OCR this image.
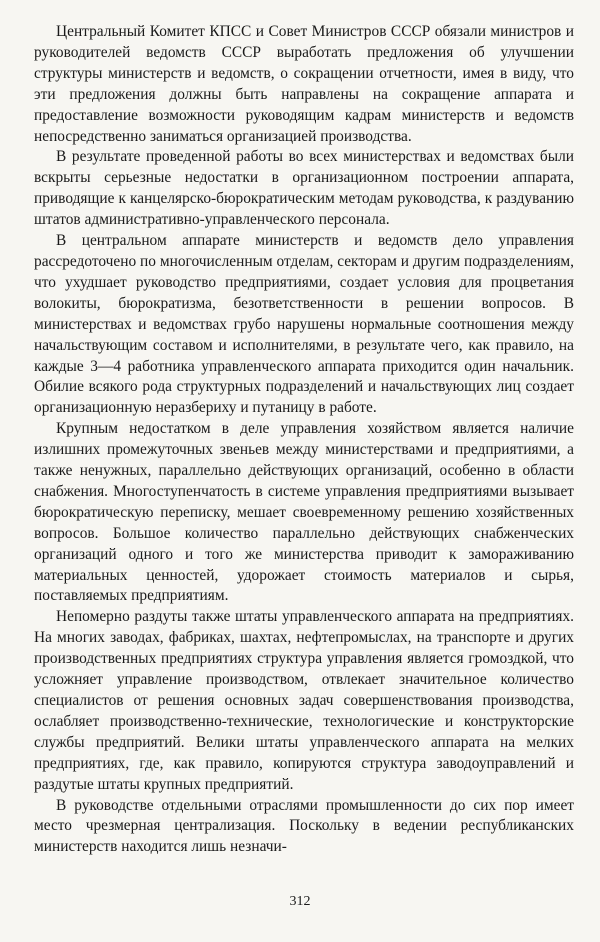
Центральный Комитет КПСС и Совет Министров СССР обязали министров и руководителей ведомств СССР выработать предложения об улучшении структуры министерств и ведомств, о сокращении отчетности, имея в виду, что эти предложения должны быть направлены на сокращение аппарата и предоставление возможности руководящим кадрам министерств и ведомств непосредственно заниматься организацией производства.

В результате проведенной работы во всех министерствах и ведомствах были вскрыты серьезные недостатки в организационном построении аппарата, приводящие к канцелярско-бюрократическим методам руководства, к раздуванию штатов административно-управленческого персонала.

В центральном аппарате министерств и ведомств дело управления рассредоточено по многочисленным отделам, секторам и другим подразделениям, что ухудшает руководство предприятиями, создает условия для процветания волокиты, бюрократизма, безответственности в решении вопросов. В министерствах и ведомствах грубо нарушены нормальные соотношения между начальствующим составом и исполнителями, в результате чего, как правило, на каждые 3—4 работника управленческого аппарата приходится один начальник. Обилие всякого рода структурных подразделений и начальствующих лиц создает организационную неразбериху и путаницу в работе.

Крупным недостатком в деле управления хозяйством является наличие излишних промежуточных звеньев между министерствами и предприятиями, а также ненужных, параллельно действующих организаций, особенно в области снабжения. Многоступенчатость в системе управления предприятиями вызывает бюрократическую переписку, мешает своевременному решению хозяйственных вопросов. Большое количество параллельно действующих снабженческих организаций одного и того же министерства приводит к замораживанию материальных ценностей, удорожает стоимость материалов и сырья, поставляемых предприятиям.

Непомерно раздуты также штаты управленческого аппарата на предприятиях. На многих заводах, фабриках, шахтах, нефтепромыслах, на транспорте и других производственных предприятиях структура управления является громоздкой, что усложняет управление производством, отвлекает значительное количество специалистов от решения основных задач совершенствования производства, ослабляет производственно-технические, технологические и конструкторские службы предприятий. Велики штаты управленческого аппарата на мелких предприятиях, где, как правило, копируются структура заводоуправлений и раздутые штаты крупных предприятий.

В руководстве отдельными отраслями промышленности до сих пор имеет место чрезмерная централизация. Поскольку в ведении республиканских министерств находится лишь незначи-

312
